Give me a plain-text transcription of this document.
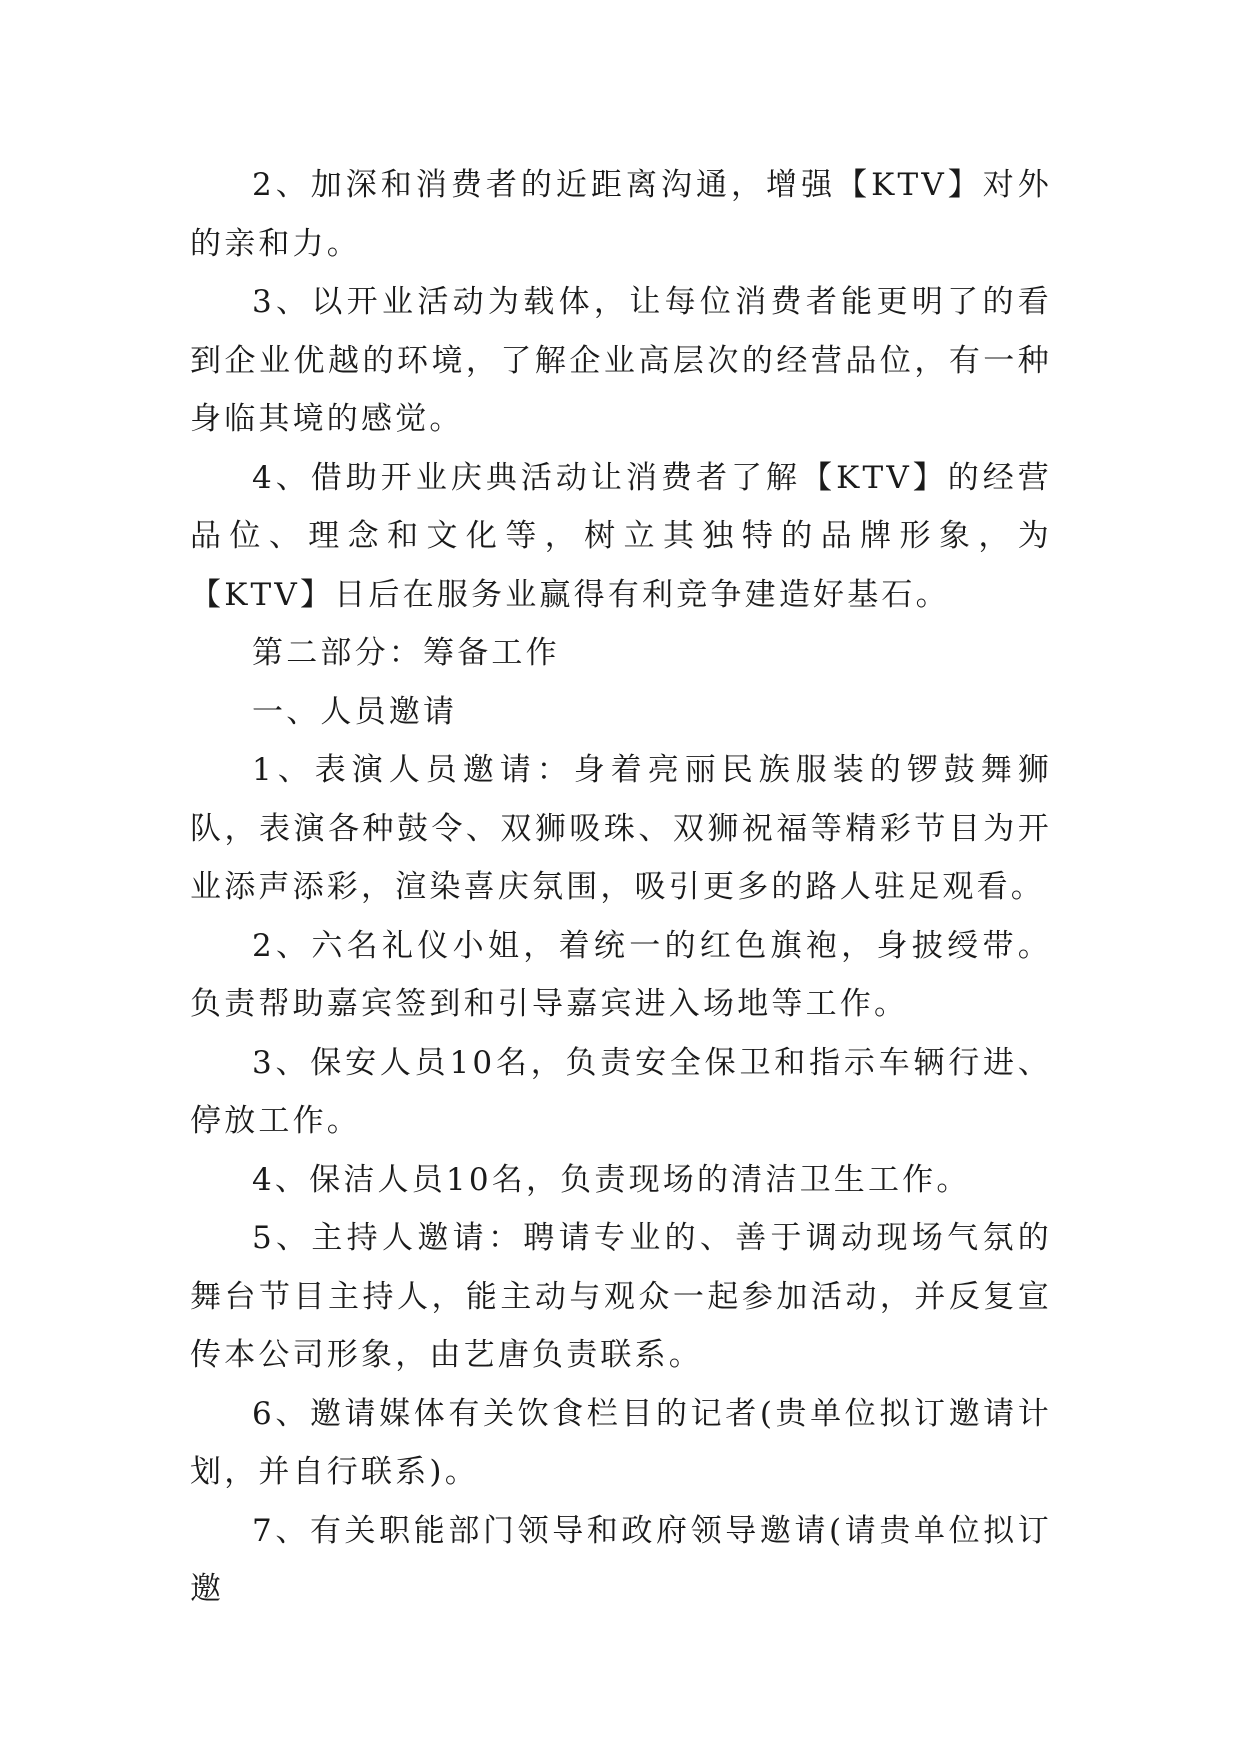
2、加深和消费者的近距离沟通，增强【KTV】对外的亲和力。

3、以开业活动为载体，让每位消费者能更明了的看到企业优越的环境，了解企业高层次的经营品位，有一种身临其境的感觉。

4、借助开业庆典活动让消费者了解【KTV】的经营品位、理念和文化等，树立其独特的品牌形象，为【KTV】日后在服务业赢得有利竞争建造好基石。

第二部分：筹备工作

一、人员邀请

1、表演人员邀请：身着亮丽民族服装的锣鼓舞狮队，表演各种鼓令、双狮吸珠、双狮祝福等精彩节目为开业添声添彩，渲染喜庆氛围，吸引更多的路人驻足观看。

2、六名礼仪小姐，着统一的红色旗袍，身披绶带。负责帮助嘉宾签到和引导嘉宾进入场地等工作。

3、保安人员10名，负责安全保卫和指示车辆行进、停放工作。

4、保洁人员10名，负责现场的清洁卫生工作。

5、主持人邀请：聘请专业的、善于调动现场气氛的舞台节目主持人，能主动与观众一起参加活动，并反复宣传本公司形象，由艺唐负责联系。

6、邀请媒体有关饮食栏目的记者(贵单位拟订邀请计划，并自行联系)。

7、有关职能部门领导和政府领导邀请(请贵单位拟订邀
